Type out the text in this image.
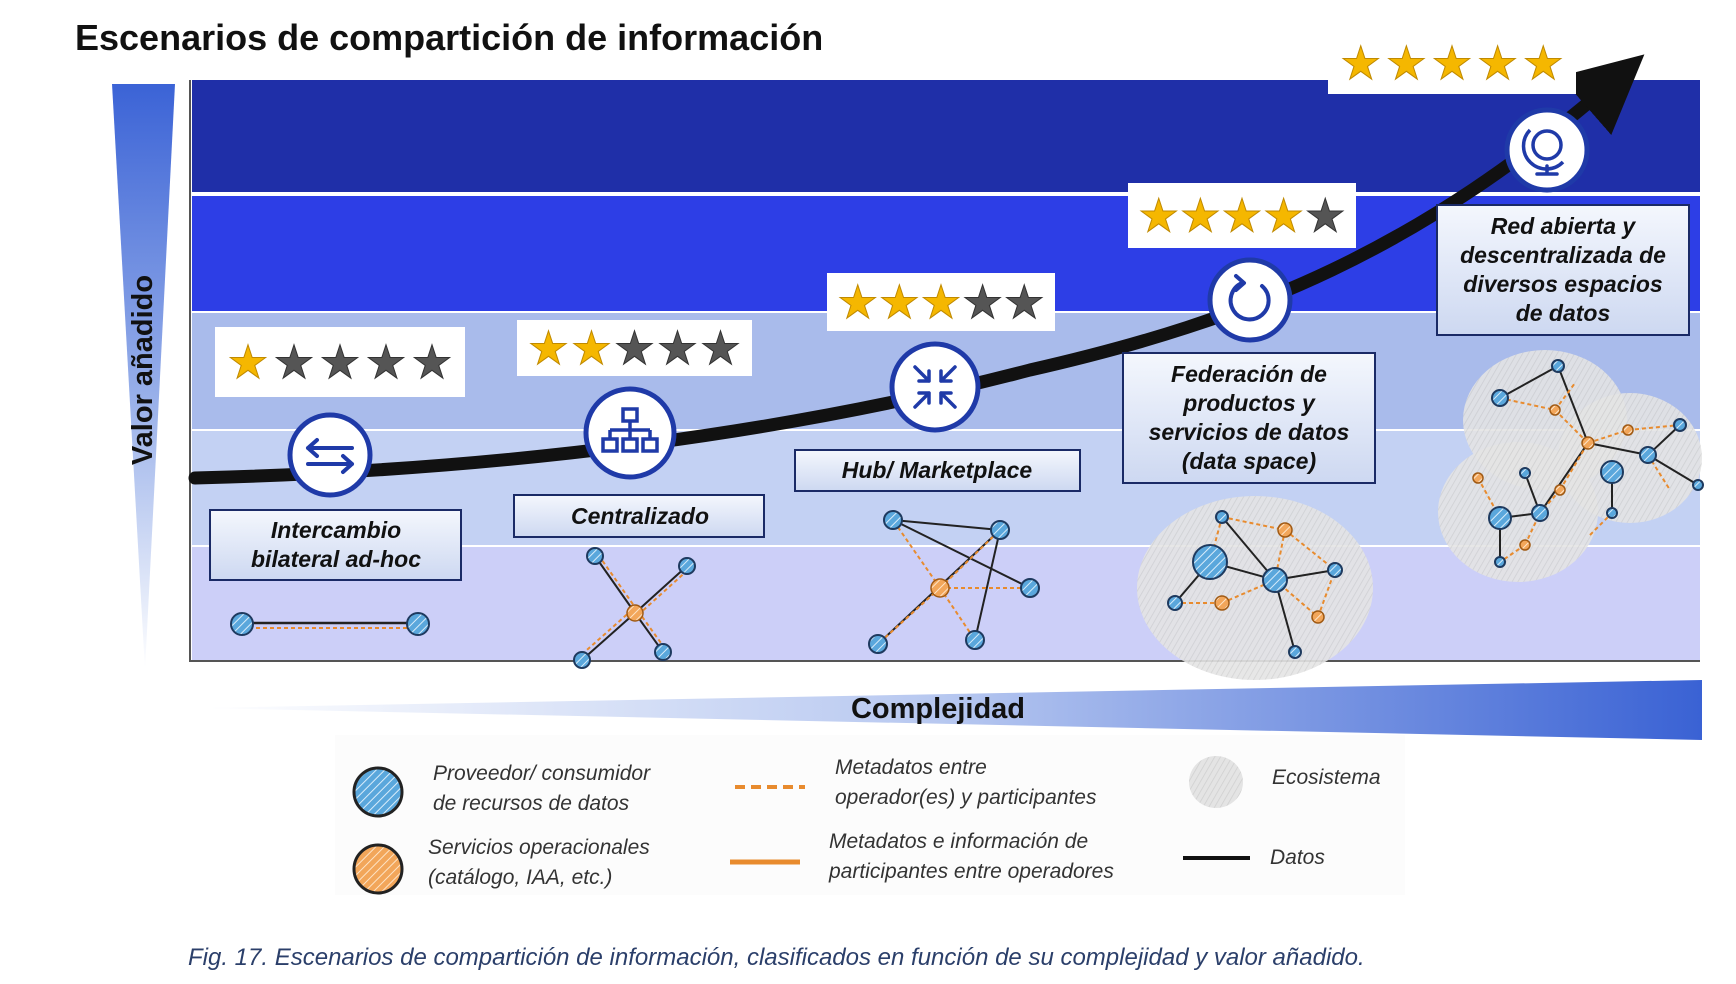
Escenarios de compartición de información
Valor añadido
Complejidad
★ ★ ★ ★ ★ ★ ★ ★ ★ ★
★ ★ ★ ★ ★
★ ★ ★ ★ ★
★ ★ ★ ★ ★
Intercambio bilateral ad-hoc
Centralizado
Hub/ Marketplace
Federación de productos y servicios de datos (data space)
Red abierta y descentralizada de diversos espacios de datos
Proveedor/ consumidor de recursos de datos
Metadatos entre operador(es) y participantes
Ecosistema
Servicios operacionales (catálogo, IAA, etc.)
Metadatos e información de participantes entre operadores
Datos
Fig. 17. Escenarios de compartición de información, clasificados en función de su complejidad y valor añadido.
